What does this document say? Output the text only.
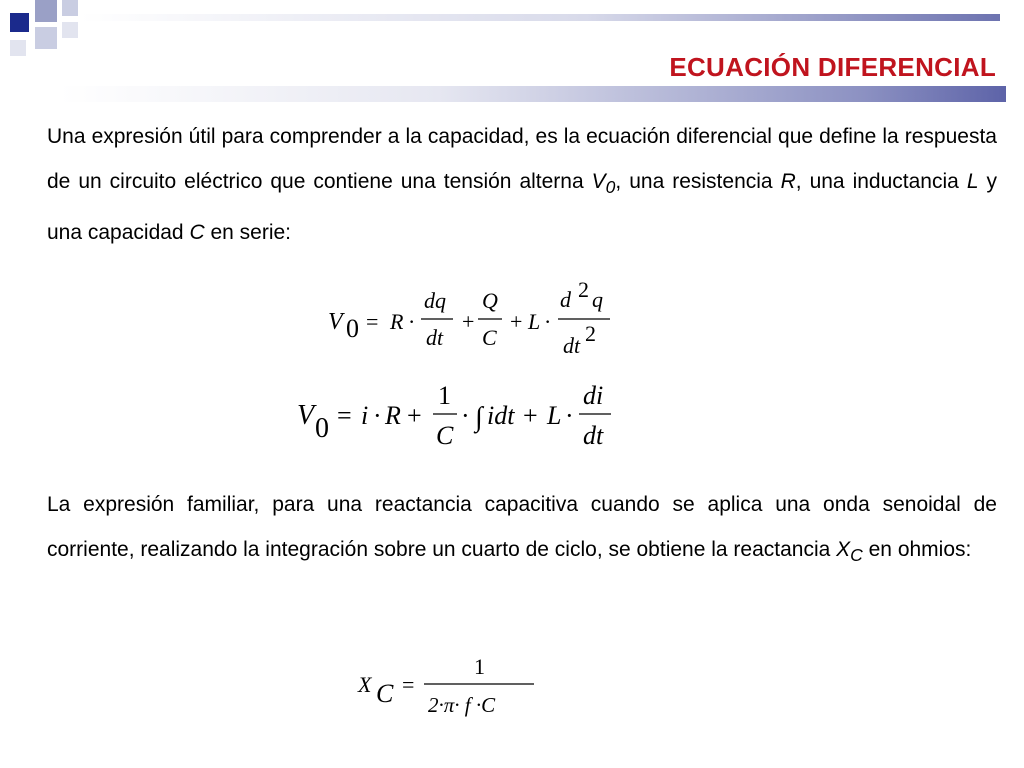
ECUACIÓN DIFERENCIAL
Una expresión útil para comprender a la capacidad, es la ecuación diferencial que define la respuesta de un circuito eléctrico que contiene una tensión alterna $V_0$, una resistencia R, una inductancia L y una capacidad C en serie:
V 0 = R ·
dq
dt
+
Q
C
+ L ·
d 2 q
dt 2
V 0 = i · R +
1
C
· ∫ idt + L ·
di
dt
La expresión familiar, para una reactancia capacitiva cuando se aplica una onda senoidal de corriente, realizando la integración sobre un cuarto de ciclo, se obtiene la reactancia $X_C$ en ohmios:
X C =
1
2·π· f ·C
